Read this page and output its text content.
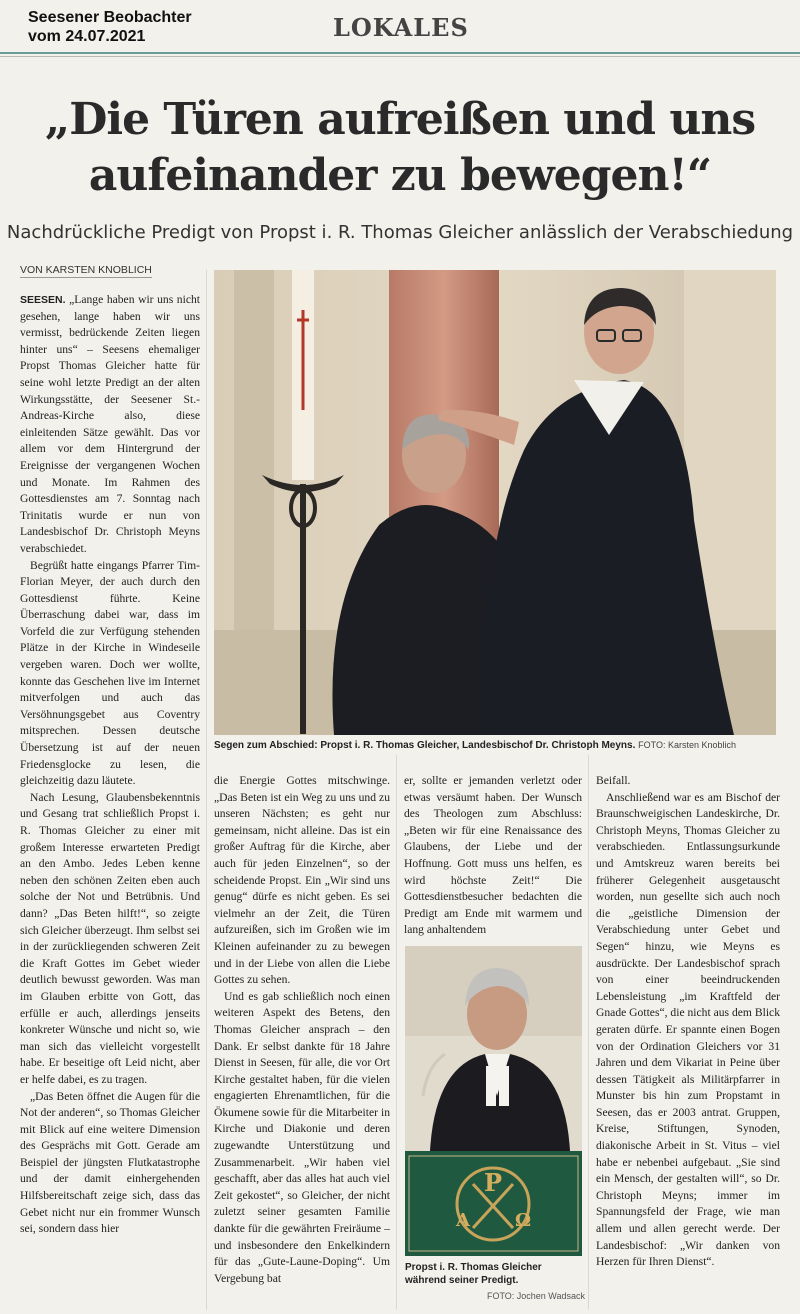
Seesener Beobachter
vom 24.07.2021	LOKALES
„Die Türen aufreißen und uns
aufeinander zu bewegen!“
Nachdrückliche Predigt von Propst i. R. Thomas Gleicher anlässlich der Verabschiedung
VON KARSTEN KNOBLICH

SEESEN. „Lange haben wir uns nicht gesehen, lange haben wir uns vermisst, bedrückende Zeiten liegen hinter uns“ – Seesens ehemaliger Propst Thomas Gleicher hatte für seine wohl letzte Predigt an der alten Wirkungsstätte, der Seesener St.-Andreas-Kirche also, diese einleitenden Sätze gewählt. Das vor allem vor dem Hintergrund der Ereignisse der vergangenen Wochen und Monate. Im Rahmen des Gottesdienstes am 7. Sonntag nach Trinitatis wurde er nun von Landesbischof Dr. Christoph Meyns verabschiedet.

Begrüßt hatte eingangs Pfarrer Tim-Florian Meyer, der auch durch den Gottesdienst führte. Keine Überraschung dabei war, dass im Vorfeld die zur Verfügung stehenden Plätze in der Kirche in Windeseile vergeben waren. Doch wer wollte, konnte das Geschehen live im Internet mitverfolgen und auch das Versöhnungsgebet aus Coventry mitsprechen. Dessen deutsche Übersetzung ist auf der neuen Friedensglocke zu lesen, die gleichzeitig dazu läutete.

Nach Lesung, Glaubensbekenntnis und Gesang trat schließlich Propst i. R. Thomas Gleicher zu einer mit großem Interesse erwarteten Predigt an den Ambo. Jedes Leben kenne neben den schönen Zeiten eben auch solche der Not und Betrübnis. Und dann? „Das Beten hilft!“, so zeigte sich Gleicher überzeugt. Ihm selbst sei in der zurückliegenden schweren Zeit die Kraft Gottes im Gebet wieder deutlich bewusst geworden. Was man im Glauben erbitte von Gott, das erfülle er auch, allerdings jenseits konkreter Wünsche und nicht so, wie man sich das vielleicht vorgestellt habe. Er beseitige oft Leid nicht, aber er helfe dabei, es zu tragen.

„Das Beten öffnet die Augen für die Not der anderen“, so Thomas Gleicher mit Blick auf eine weitere Dimension des Gesprächs mit Gott. Gerade am Beispiel der jüngsten Flutkatastrophe und der damit einhergehenden Hilfsbereitschaft zeige sich, dass das Gebet nicht nur ein frommer Wunsch sei, sondern dass hier

die Energie Gottes mitschwinge. „Das Beten ist ein Weg zu uns und zu unseren Nächsten; es geht nur gemeinsam, nicht alleine. Das ist ein großer Auftrag für die Kirche, aber auch für jeden Einzelnen“, so der scheidende Propst. Ein „Wir sind uns genug“ dürfe es nicht geben. Es sei vielmehr an der Zeit, die Türen aufzureißen, sich im Großen wie im Kleinen aufeinander zu zu bewegen und in der Liebe von allen die Liebe Gottes zu sehen.

Und es gab schließlich noch einen weiteren Aspekt des Betens, den Thomas Gleicher ansprach – den Dank. Er selbst dankte für 18 Jahre Dienst in Seesen, für alle, die vor Ort Kirche gestaltet haben, für die vielen engagierten Ehrenamtlichen, für die Ökumene sowie für die Mitarbeiter in Kirche und Diakonie und deren zugewandte Unterstützung und Zusammenarbeit. „Wir haben viel geschafft, aber das alles hat auch viel Zeit gekostet“, so Gleicher, der nicht zuletzt seiner gesamten Familie dankte für die gewährten Freiräume – und insbesondere den Enkelkindern für das „Gute-Laune-Doping“. Um Vergebung bat

er, sollte er jemanden verletzt oder etwas versäumt haben. Der Wunsch des Theologen zum Abschluss: „Beten wir für eine Renaissance des Glaubens, der Liebe und der Hoffnung. Gott muss uns helfen, es wird höchste Zeit!“ Die Gottesdienstbesucher bedachten die Predigt am Ende mit warmem und lang anhaltendem

Beifall.

Anschließend war es am Bischof der Braunschweigischen Landeskirche, Dr. Christoph Meyns, Thomas Gleicher zu verabschieden. Entlassungsurkunde und Amtskreuz waren bereits bei früherer Gelegenheit ausgetauscht worden, nun gesellte sich auch noch die „geistliche Dimension der Verabschiedung unter Gebet und Segen“ hinzu, wie Meyns es ausdrückte. Der Landesbischof sprach von einer beeindruckenden Lebensleistung „im Kraftfeld der Gnade Gottes“, die nicht aus dem Blick geraten dürfe. Er spannte einen Bogen von der Ordination Gleichers vor 31 Jahren und dem Vikariat in Peine über dessen Tätigkeit als Militärpfarrer in Munster bis hin zum Propstamt in Seesen, das er 2003 antrat. Gruppen, Kreise, Stiftungen, Synoden, diakonische Arbeit in St. Vitus – viel habe er nebenbei aufgebaut. „Sie sind ein Mensch, der gestalten will“, so Dr. Christoph Meyns; immer im Spannungsfeld der Frage, wie man allem und allen gerecht werde. Der Landesbischof: „Wir danken von Herzen für Ihren Dienst“.

Segen zum Abschied: Propst i. R. Thomas Gleicher, Landesbischof Dr. Christoph Meyns. FOTO: Karsten Knoblich
P
A	Ω
Propst i. R. Thomas Gleicher während seiner Predigt.
FOTO: Jochen Wadsack
